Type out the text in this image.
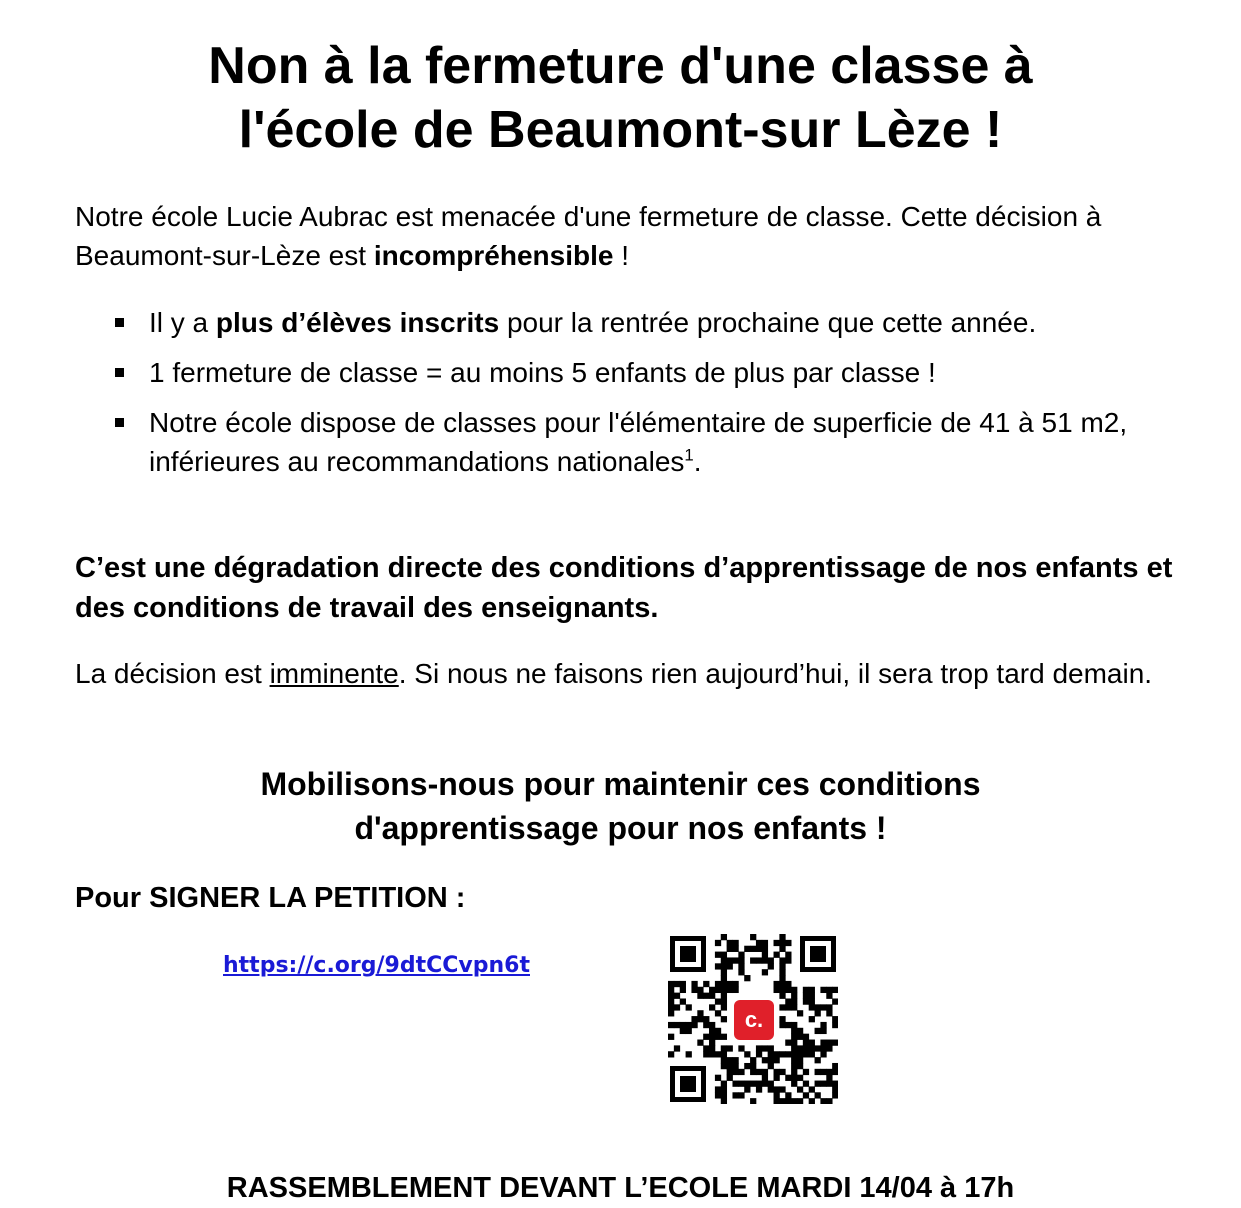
Non à la fermeture d'une classe à
l'école de Beaumont-sur Lèze !

Notre école Lucie Aubrac est menacée d'une fermeture de classe. Cette décision à Beaumont-sur-Lèze est incompréhensible !

Il y a plus d’élèves inscrits pour la rentrée prochaine que cette année.
1 fermeture de classe = au moins 5 enfants de plus par classe !
Notre école dispose de classes pour l'élémentaire de superficie de 41 à 51 m2, inférieures au recommandations nationales$^1$.

C’est une dégradation directe des conditions d’apprentissage de nos enfants et des conditions de travail des enseignants.

La décision est imminente. Si nous ne faisons rien aujourd’hui, il sera trop tard demain.

Mobilisons-nous pour maintenir ces conditions
d'apprentissage pour nos enfants !

Pour SIGNER LA PETITION :

https://c.org/9dtCCvpn6t
c.

RASSEMBLEMENT DEVANT L’ECOLE MARDI 14/04 à 17h
